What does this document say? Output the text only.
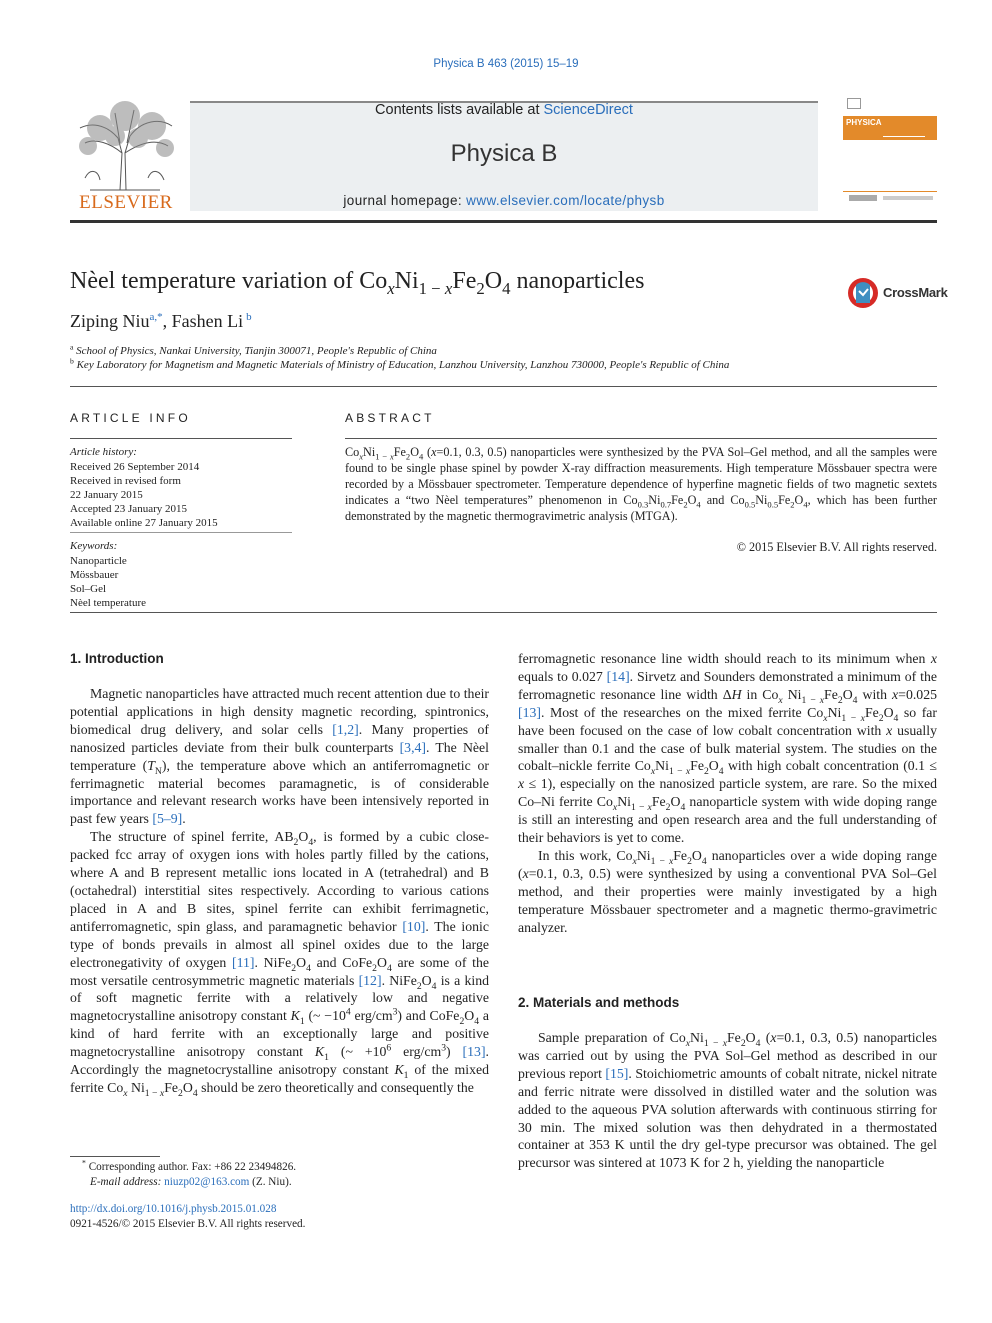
Physica B 463 (2015) 15–19
ELSEVIER
Contents lists available at ScienceDirect
Physica B
journal homepage: www.elsevier.com/locate/physb
PHYSICA
Nèel temperature variation of $Co_xNi_{1 - x}Fe_2O_4$ nanoparticles	CrossMark
Ziping Niu$^{a,*}$, Fashen Li $^b$
$^a$ School of Physics, Nankai University, Tianjin 300071, People's Republic of China
$^b$ Key Laboratory for Magnetism and Magnetic Materials of Ministry of Education, Lanzhou University, Lanzhou 730000, People's Republic of China
ARTICLE INFO
Article history:
Received 26 September 2014
Received in revised form
22 January 2015
Accepted 23 January 2015
Available online 27 January 2015
Keywords:
Nanoparticle
Mössbauer
Sol–Gel
Nèel temperature
ABSTRACT
$Co_xNi_{1 - x}Fe_2O_4$ (x=0.1, 0.3, 0.5) nanoparticles were synthesized by the PVA Sol–Gel method, and all the samples were found to be single phase spinel by powder X-ray diffraction measurements. High temperature Mössbauer spectra were recorded by a Mössbauer spectrometer. Temperature dependence of hyperfine magnetic fields of two magnetic sextets indicates a “two Nèel temperatures” phenomenon in $Co_{0.3}Ni_{0.7}Fe_2O_4$ and $Co_{0.5}Ni_{0.5}Fe_2O_4$, which has been further demonstrated by the magnetic thermogravimetric analysis (MTGA).
© 2015 Elsevier B.V. All rights reserved.
1. Introduction

Magnetic nanoparticles have attracted much recent attention due to their potential applications in high density magnetic recording, spintronics, biomedical drug delivery, and solar cells [1,2]. Many properties of nanosized particles deviate from their bulk counterparts [3,4]. The Nèel temperature $(T_N)$, the temperature above which an antiferromagnetic or ferrimagnetic material becomes paramagnetic, is of considerable importance and relevant research works have been intensively reported in past few years [5–9].

The structure of spinel ferrite, $AB_2O_4$, is formed by a cubic close-packed fcc array of oxygen ions with holes partly filled by the cations, where A and B represent metallic ions located in A (tetrahedral) and B (octahedral) interstitial sites respectively. According to various cations placed in A and B sites, spinel ferrite can exhibit ferrimagnetic, antiferromagnetic, spin glass, and paramagnetic behavior [10]. The ionic type of bonds prevails in almost all spinel oxides due to the large electronegativity of oxygen [11]. $NiFe_2O_4$ and $CoFe_2O_4$ are some of the most versatile centrosymmetric magnetic materials [12]. $NiFe_2O_4$ is a kind of soft magnetic ferrite with a relatively low and negative magnetocrystalline anisotropy constant $K_1$ (~ $-10^4$ erg/$cm^3$) and $CoFe_2O_4$ a kind of hard ferrite with an exceptionally large and positive magnetocrystalline anisotropy constant $K_1$ (~ $+10^6$ erg/$cm^3$) [13]. Accordingly the magnetocrystalline anisotropy constant $K_1$ of the mixed ferrite $Co_x$ $Ni_{1 - x}Fe_2O_4$ should be zero theoretically and consequently the

* Corresponding author. Fax: +86 22 23494826.
E-mail address: niuzp02@163.com (Z. Niu).
http://dx.doi.org/10.1016/j.physb.2015.01.028
0921-4526/© 2015 Elsevier B.V. All rights reserved.

ferromagnetic resonance line width should reach to its minimum when x equals to 0.027 [14]. Sirvetz and Sounders demonstrated a minimum of the ferromagnetic resonance line width ΔH in $Co_x$ $Ni_{1 - x}Fe_2O_4$ with x=0.025 [13]. Most of the researches on the mixed ferrite $Co_xNi_{1 - x}Fe_2O_4$ so far have been focused on the case of low cobalt concentration with x usually smaller than 0.1 and the case of bulk material system. The studies on the cobalt–nickle ferrite $Co_xNi_{1 - x}Fe_2O_4$ with high cobalt concentration (0.1 ≤ x ≤ 1), especially on the nanosized particle system, are rare. So the mixed Co–Ni ferrite $Co_xNi_{1 - x}Fe_2O_4$ nanoparticle system with wide doping range is still an interesting and open research area and the full understanding of their behaviors is yet to come.

In this work, $Co_xNi_{1 - x}Fe_2O_4$ nanoparticles over a wide doping range (x=0.1, 0.3, 0.5) were synthesized by using a conventional PVA Sol–Gel method, and their properties were mainly investigated by a high temperature Mössbauer spectrometer and a magnetic thermo-gravimetric analyzer.

2. Materials and methods

Sample preparation of $Co_xNi_{1 - x}Fe_2O_4$ (x=0.1, 0.3, 0.5) nanoparticles was carried out by using the PVA Sol–Gel method as described in our previous report [15]. Stoichiometric amounts of cobalt nitrate, nickel nitrate and ferric nitrate were dissolved in distilled water and the solution was added to the aqueous PVA solution afterwards with continuous stirring for 30 min. The mixed solution was then dehydrated in a thermostated container at 353 K until the dry gel-type precursor was obtained. The gel precursor was sintered at 1073 K for 2 h, yielding the nanoparticle
